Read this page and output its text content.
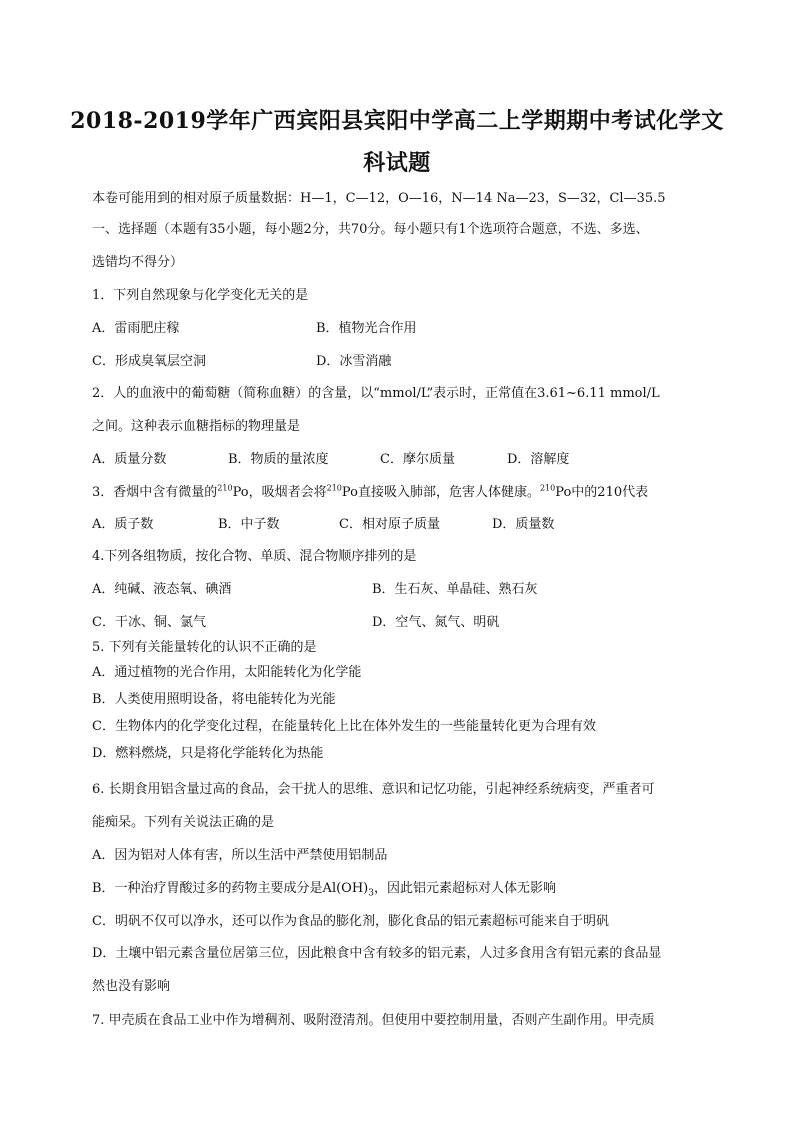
2018-2019学年广西宾阳县宾阳中学高二上学期期中考试化学文
科试题
本卷可能用到的相对原子质量数据：H—1，C—12，O—16，N—14 Na—23，S—32，Cl—35.5
一、选择题（本题有35小题，每小题2分，共70分。每小题只有1个选项符合题意，不选、多选、
选错均不得分）
1．下列自然现象与化学变化无关的是
A．雷雨肥庄稼	B．植物光合作用
C．形成臭氧层空洞	D．冰雪消融
2．人的血液中的葡萄糖（简称血糖）的含量，以“mmol/L”表示时，正常值在3.61~6.11 mmol/L
之间。这种表示血糖指标的物理量是
A．质量分数	B．物质的量浓度	C．摩尔质量	D．溶解度
3．香烟中含有微量的$^{210}$Po，吸烟者会将$^{210}$Po直接吸入肺部，危害人体健康。$^{210}$Po中的210代表
A．质子数	B．中子数	C．相对原子质量	D．质量数
4.下列各组物质，按化合物、单质、混合物顺序排列的是
A．纯碱、液态氧、碘酒	B．生石灰、单晶硅、熟石灰
C．干冰、铜、氯气	D．空气、氮气、明矾
5. 下列有关能量转化的认识不正确的是
A．通过植物的光合作用，太阳能转化为化学能
B．人类使用照明设备，将电能转化为光能
C．生物体内的化学变化过程，在能量转化上比在体外发生的一些能量转化更为合理有效
D．燃料燃烧，只是将化学能转化为热能
6. 长期食用铝含量过高的食品，会干扰人的思维、意识和记忆功能，引起神经系统病变，严重者可
能痴呆。下列有关说法正确的是
A．因为铝对人体有害，所以生活中严禁使用铝制品
B．一种治疗胃酸过多的药物主要成分是$Al(OH)_3$，因此铝元素超标对人体无影响
C．明矾不仅可以净水，还可以作为食品的膨化剂，膨化食品的铝元素超标可能来自于明矾
D．土壤中铝元素含量位居第三位，因此粮食中含有较多的铝元素，人过多食用含有铝元素的食品显
然也没有影响
7. 甲壳质在食品工业中作为增稠剂、吸附澄清剂。但使用中要控制用量，否则产生副作用。甲壳质
